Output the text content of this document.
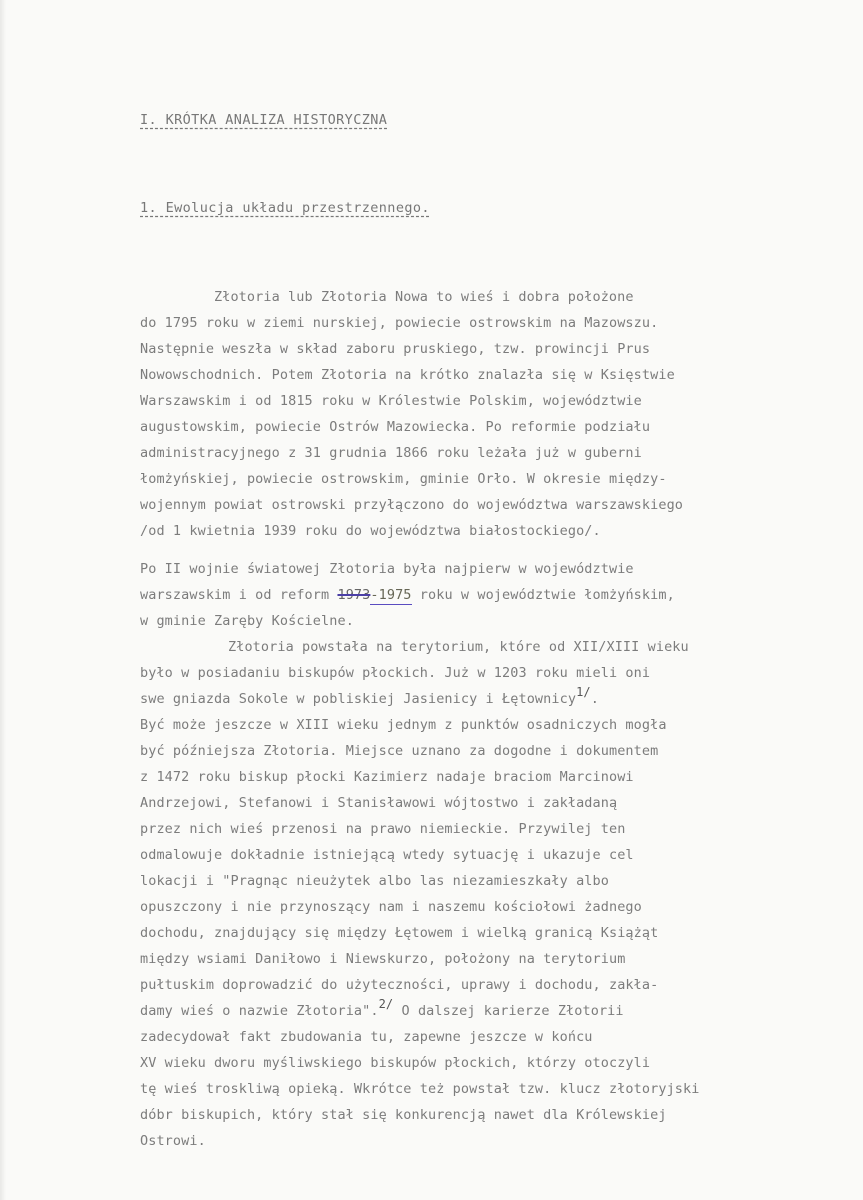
I. KRÓTKA ANALIZA HISTORYCZNA
1. Ewolucja układu przestrzennego.
Złotoria lub Złotoria Nowa to wieś i dobra położone
do 1795 roku w ziemi nurskiej, powiecie ostrowskim na Mazowszu.
Następnie weszła w skład zaboru pruskiego, tzw. prowincji Prus
Nowowschodnich. Potem Złotoria na krótko znalazła się w Księstwie
Warszawskim i od 1815 roku w Królestwie Polskim, województwie
augustowskim, powiecie Ostrów Mazowiecka. Po reformie podziału
administracyjnego z 31 grudnia 1866 roku leżała już w guberni
łomżyńskiej, powiecie ostrowskim, gminie Orło. W okresie między-
wojennym powiat ostrowski przyłączono do województwa warszawskiego
/od 1 kwietnia 1939 roku do województwa białostockiego/.
Po II wojnie światowej Złotoria była najpierw w województwie
warszawskim i od reform 1973-1975 roku w województwie łomżyńskim,
w gminie Zaręby Kościelne.
Złotoria powstała na terytorium, które od XII/XIII wieku
było w posiadaniu biskupów płockich. Już w 1203 roku mieli oni
swe gniazda Sokole w pobliskiej Jasienicy i Łętownicy1/.
Być może jeszcze w XIII wieku jednym z punktów osadniczych mogła
być późniejsza Złotoria. Miejsce uznano za dogodne i dokumentem
z 1472 roku biskup płocki Kazimierz nadaje braciom Marcinowi
Andrzejowi, Stefanowi i Stanisławowi wójtostwo i zakładaną
przez nich wieś przenosi na prawo niemieckie. Przywilej ten
odmalowuje dokładnie istniejącą wtedy sytuację i ukazuje cel
lokacji i "Pragnąc nieużytek albo las niezamieszkały albo
opuszczony i nie przynoszący nam i naszemu kościołowi żadnego
dochodu, znajdujący się między Łętowem i wielką granicą Książąt
między wsiami Daniłowo i Niewskurzo, położony na terytorium
pułtuskim doprowadzić do użyteczności, uprawy i dochodu, zakła-
damy wieś o nazwie Złotoria".2/ O dalszej karierze Złotorii
zadecydował fakt zbudowania tu, zapewne jeszcze w końcu
XV wieku dworu myśliwskiego biskupów płockich, którzy otoczyli
tę wieś troskliwą opieką. Wkrótce też powstał tzw. klucz złotoryjski
dóbr biskupich, który stał się konkurencją nawet dla Królewskiej
Ostrowi.
